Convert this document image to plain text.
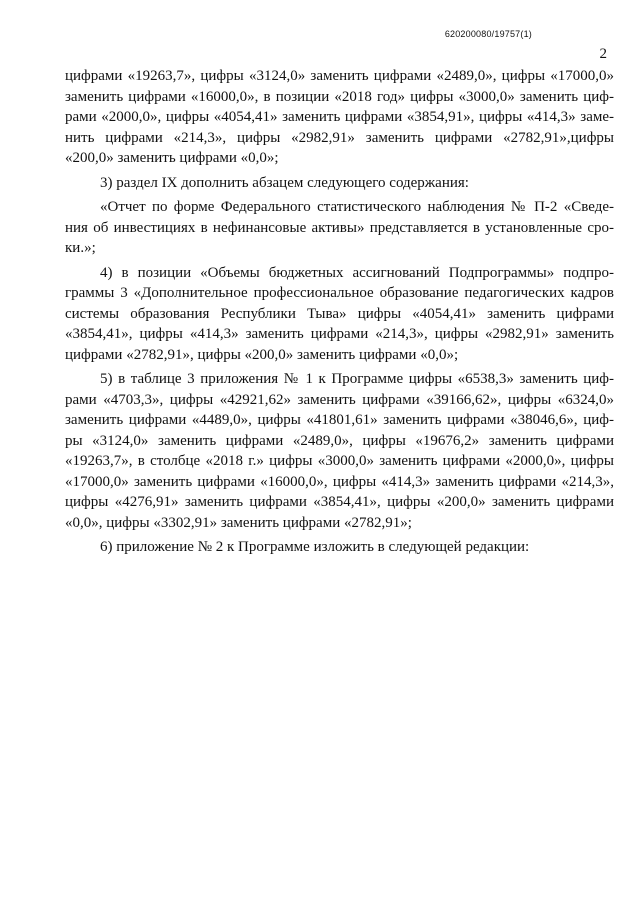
620200080/19757(1)
2
цифрами «19263,7», цифры «3124,0» заменить цифрами «2489,0», цифры «17000,0»
заменить цифрами «16000,0», в позиции «2018 год» цифры «3000,0» заменить циф-
рами «2000,0», цифры «4054,41» заменить цифрами «3854,91», цифры «414,3» заме-
нить цифрами «214,3», цифры «2982,91» заменить цифрами «2782,91»,цифры
«200,0» заменить цифрами «0,0»;
3) раздел IX дополнить абзацем следующего содержания:
«Отчет по форме Федерального статистического наблюдения № П-2 «Сведе-
ния об инвестициях в нефинансовые активы» представляется в установленные сро-
ки.»;
4) в позиции «Объемы бюджетных ассигнований Подпрограммы» подпро-
граммы 3 «Дополнительное профессиональное образование педагогических кадров
системы образования Республики Тыва» цифры «4054,41» заменить цифрами
«3854,41», цифры «414,3» заменить цифрами «214,3», цифры «2982,91» заменить
цифрами «2782,91», цифры «200,0» заменить цифрами «0,0»;
5) в таблице 3 приложения № 1 к Программе цифры «6538,3» заменить циф-
рами «4703,3», цифры «42921,62» заменить цифрами «39166,62», цифры «6324,0»
заменить цифрами «4489,0», цифры «41801,61» заменить цифрами «38046,6», циф-
ры «3124,0» заменить цифрами «2489,0», цифры «19676,2» заменить цифрами
«19263,7», в столбце «2018 г.» цифры «3000,0» заменить цифрами «2000,0», цифры
«17000,0» заменить цифрами «16000,0», цифры «414,3» заменить цифрами «214,3»,
цифры «4276,91» заменить цифрами «3854,41», цифры «200,0» заменить цифрами
«0,0», цифры «3302,91» заменить цифрами «2782,91»;
6) приложение № 2 к Программе изложить в следующей редакции:
